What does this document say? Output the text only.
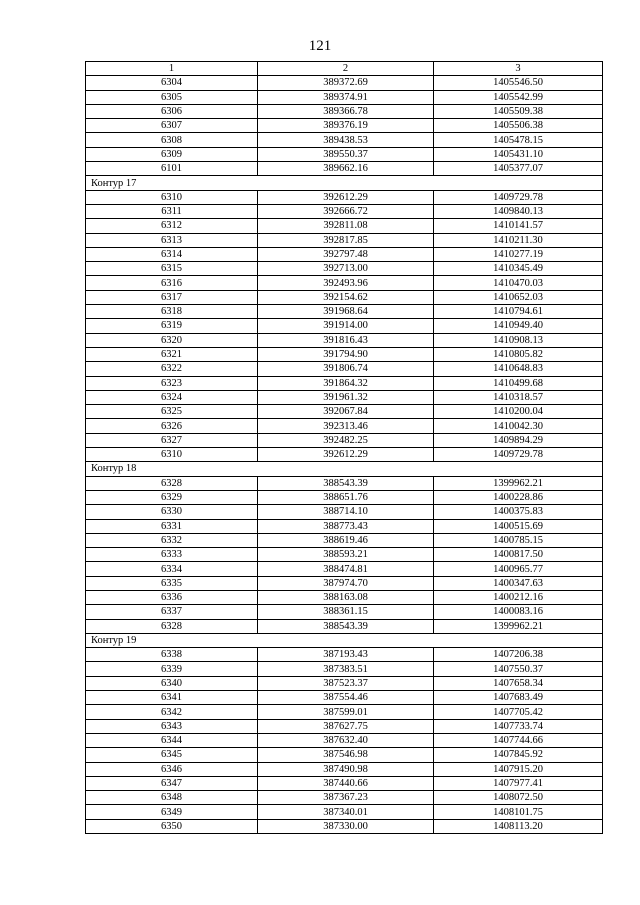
121
1	2	3
6304	389372.69	1405546.50
6305	389374.91	1405542.99
6306	389366.78	1405509.38
6307	389376.19	1405506.38
6308	389438.53	1405478.15
6309	389550.37	1405431.10
6101	389662.16	1405377.07
Контур 17		
6310	392612.29	1409729.78
6311	392666.72	1409840.13
6312	392811.08	1410141.57
6313	392817.85	1410211.30
6314	392797.48	1410277.19
6315	392713.00	1410345.49
6316	392493.96	1410470.03
6317	392154.62	1410652.03
6318	391968.64	1410794.61
6319	391914.00	1410949.40
6320	391816.43	1410908.13
6321	391794.90	1410805.82
6322	391806.74	1410648.83
6323	391864.32	1410499.68
6324	391961.32	1410318.57
6325	392067.84	1410200.04
6326	392313.46	1410042.30
6327	392482.25	1409894.29
6310	392612.29	1409729.78
Контур 18		
6328	388543.39	1399962.21
6329	388651.76	1400228.86
6330	388714.10	1400375.83
6331	388773.43	1400515.69
6332	388619.46	1400785.15
6333	388593.21	1400817.50
6334	388474.81	1400965.77
6335	387974.70	1400347.63
6336	388163.08	1400212.16
6337	388361.15	1400083.16
6328	388543.39	1399962.21
Контур 19		
6338	387193.43	1407206.38
6339	387383.51	1407550.37
6340	387523.37	1407658.34
6341	387554.46	1407683.49
6342	387599.01	1407705.42
6343	387627.75	1407733.74
6344	387632.40	1407744.66
6345	387546.98	1407845.92
6346	387490.98	1407915.20
6347	387440.66	1407977.41
6348	387367.23	1408072.50
6349	387340.01	1408101.75
6350	387330.00	1408113.20
